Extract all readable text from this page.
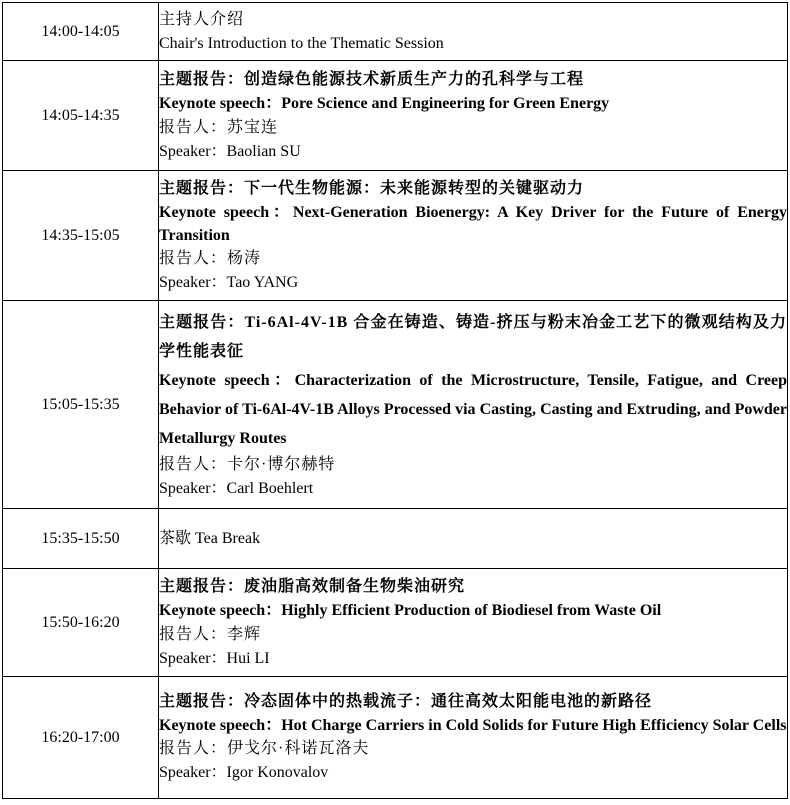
14:00-14:05	主持人介绍
Chair's Introduction to the Thematic Session

14:05-14:35	主题报告：创造绿色能源技术新质生产力的孔科学与工程
Keynote speech：Pore Science and Engineering for Green Energy
报告人：苏宝连
Speaker：Baolian SU

14:35-15:05	主题报告：下一代生物能源：未来能源转型的关键驱动力
Keynote speech：Next-Generation Bioenergy: A Key Driver for the Future of Energy Transition
报告人：杨涛
Speaker：Tao YANG

15:05-15:35	主题报告：Ti-6Al-4V-1B 合金在铸造、铸造-挤压与粉末冶金工艺下的微观结构及力学性能表征
Keynote speech：Characterization of the Microstructure, Tensile, Fatigue, and Creep Behavior of Ti-6Al-4V-1B Alloys Processed via Casting, Casting and Extruding, and Powder Metallurgy Routes
报告人：卡尔·博尔赫特
Speaker：Carl Boehlert

15:35-15:50	茶歇 Tea Break

15:50-16:20	主题报告：废油脂高效制备生物柴油研究
Keynote speech：Highly Efficient Production of Biodiesel from Waste Oil
报告人：李辉
Speaker：Hui LI

16:20-17:00	主题报告：冷态固体中的热载流子：通往高效太阳能电池的新路径
Keynote speech：Hot Charge Carriers in Cold Solids for Future High Efficiency Solar Cells
报告人：伊戈尔·科诺瓦洛夫
Speaker：Igor Konovalov
